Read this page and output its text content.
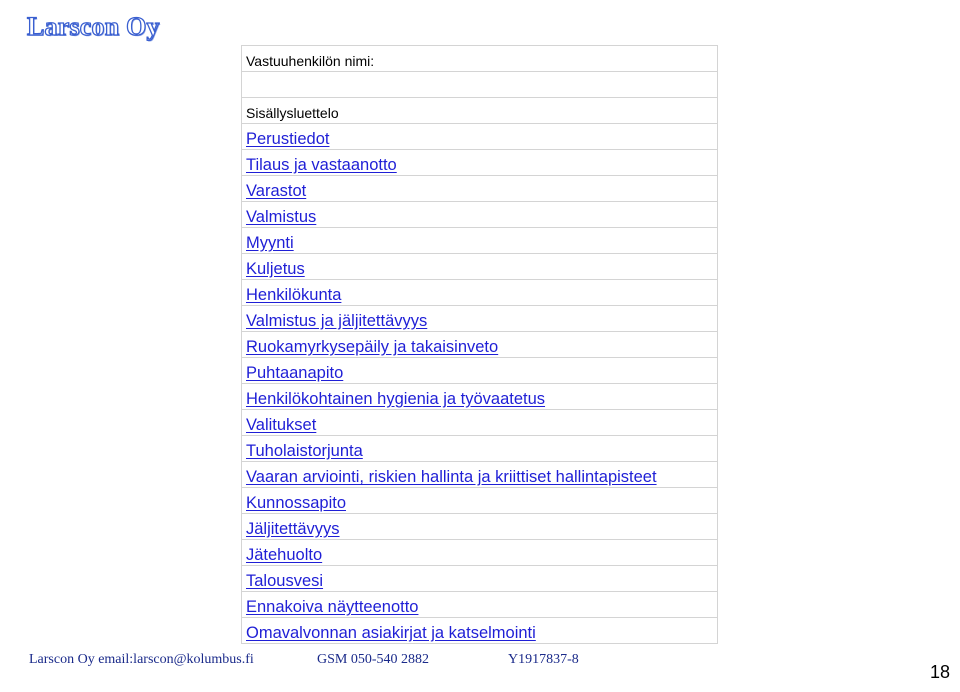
Larscon Oy
Vastuuhenkilön nimi:
Sisällysluettelo
Perustiedot
Tilaus ja vastaanotto
Varastot
Valmistus
Myynti
Kuljetus
Henkilökunta
Valmistus ja jäljitettävyys
Ruokamyrkysepäily ja takaisinveto
Puhtaanapito
Henkilökohtainen hygienia ja työvaatetus
Valitukset
Tuholaistorjunta
Vaaran arviointi, riskien hallinta ja kriittiset hallintapisteet
Kunnossapito
Jäljitettävyys
Jätehuolto
Talousvesi
Ennakoiva näytteenotto
Omavalvonnan asiakirjat ja katselmointi
Larscon Oy email:larscon@kolumbus.fi	GSM 050-540 2882	Y1917837-8
18
